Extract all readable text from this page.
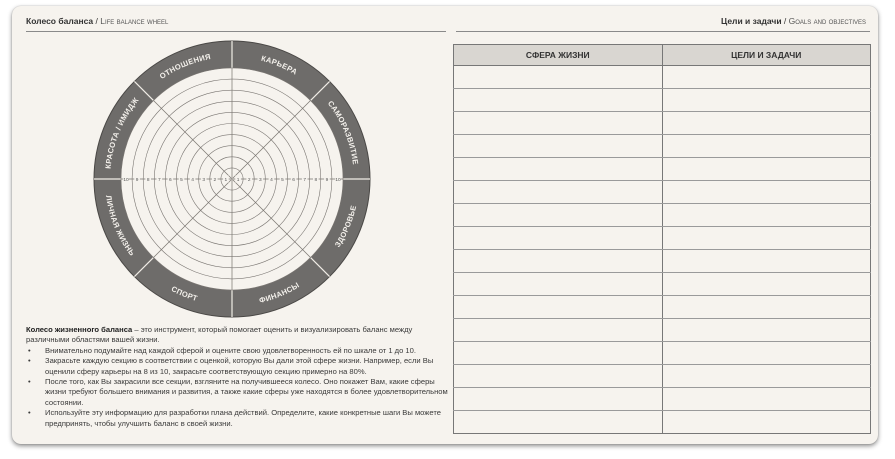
Колесо баланса / Life balance wheel	Цели и задачи / Goals and objectives
КАРЬЕРА
САМОРАЗВИТИЕ
ЗДОРОВЬЕ
ФИНАНСЫ
СПОРТ
ЛИЧНАЯ ЖИЗНЬ
КРАСОТА / ИМИДЖ
ОТНОШЕНИЯ
1 1
2	2
3	3
4	4
5	5
6	6
7	7
8	8
9	9
10	10

Колесо жизненного баланса – это инструмент, который помогает оценить и визуализировать баланс между различными областями вашей жизни.

• Внимательно подумайте над каждой сферой и оцените свою удовлетворенность ей по шкале от 1 до 10.
• Закрасьте каждую секцию в соответствии с оценкой, которую Вы дали этой сфере жизни. Например, если Вы оценили сферу карьеры на 8 из 10, закрасьте соответствующую секцию примерно на 80%.
• После того, как Вы закрасили все секции, взгляните на получившееся колесо. Оно покажет Вам, какие сферы жизни требуют большего внимания и развития, а также какие сферы уже находятся в более удовлетворительном состоянии.
• Используйте эту информацию для разработки плана действий. Определите, какие конкретные шаги Вы можете предпринять, чтобы улучшить баланс в своей жизни.
СФЕРА ЖИЗНИ	ЦЕЛИ И ЗАДАЧИ
